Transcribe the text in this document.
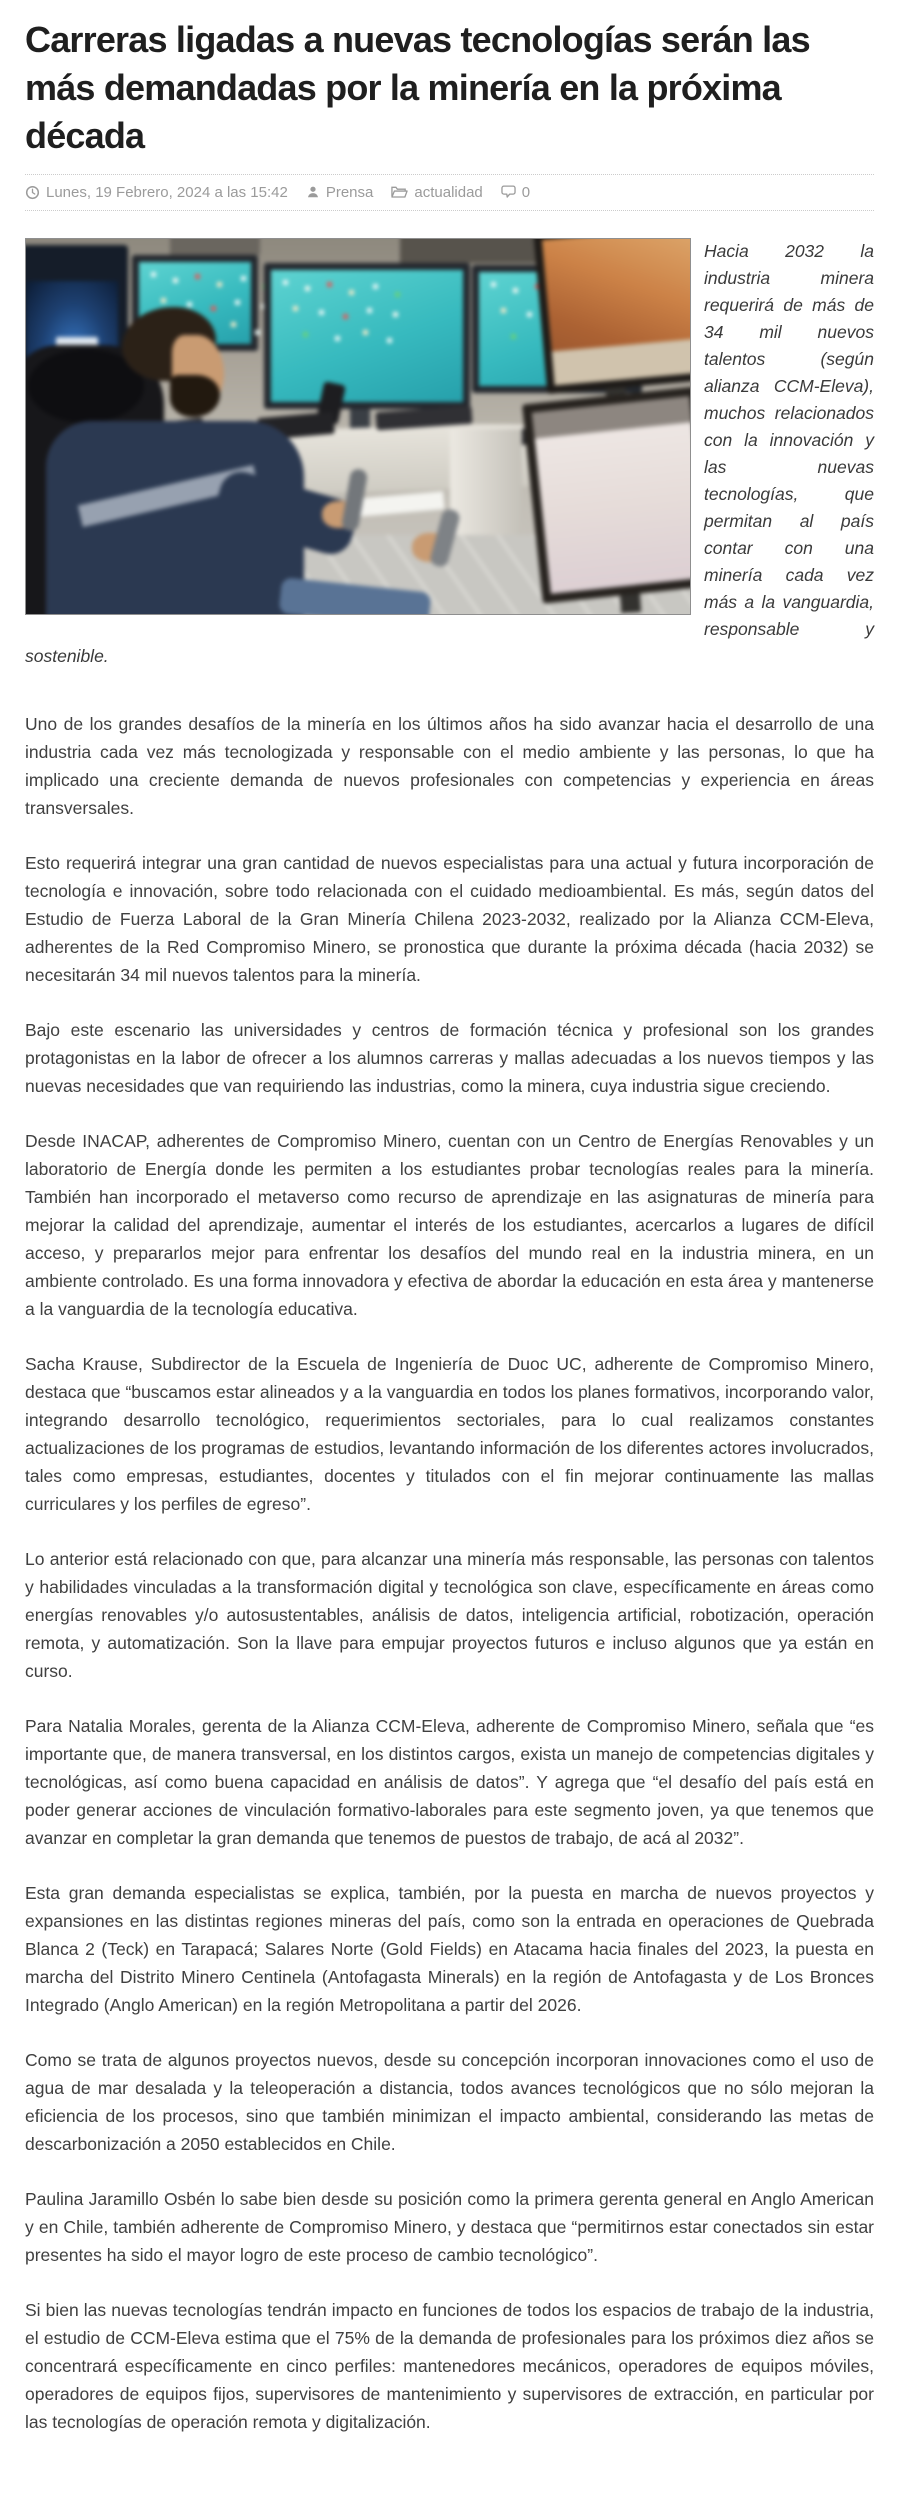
Carreras ligadas a nuevas tecnologías serán las más demandadas por la minería en la próxima década
Lunes, 19 Febrero, 2024 a las 15:42	Prensa	actualidad	0

Hacia 2032 la industria minera requerirá de más de 34 mil nuevos talentos (según alianza CCM-Eleva), muchos relacionados con la innovación y las nuevas tecnologías, que permitan al país contar con una minería cada vez más a la vanguardia, responsable y sostenible.

Uno de los grandes desafíos de la minería en los últimos años ha sido avanzar hacia el desarrollo de una industria cada vez más tecnologizada y responsable con el medio ambiente y las personas, lo que ha implicado una creciente demanda de nuevos profesionales con competencias y experiencia en áreas transversales.

Esto requerirá integrar una gran cantidad de nuevos especialistas para una actual y futura incorporación de tecnología e innovación, sobre todo relacionada con el cuidado medioambiental. Es más, según datos del Estudio de Fuerza Laboral de la Gran Minería Chilena 2023-2032, realizado por la Alianza CCM-Eleva, adherentes de la Red Compromiso Minero, se pronostica que durante la próxima década (hacia 2032) se necesitarán 34 mil nuevos talentos para la minería.

Bajo este escenario las universidades y centros de formación técnica y profesional son los grandes protagonistas en la labor de ofrecer a los alumnos carreras y mallas adecuadas a los nuevos tiempos y las nuevas necesidades que van requiriendo las industrias, como la minera, cuya industria sigue creciendo.

Desde INACAP, adherentes de Compromiso Minero, cuentan con un Centro de Energías Renovables y un laboratorio de Energía donde les permiten a los estudiantes probar tecnologías reales para la minería. También han incorporado el metaverso como recurso de aprendizaje en las asignaturas de minería para mejorar la calidad del aprendizaje, aumentar el interés de los estudiantes, acercarlos a lugares de difícil acceso, y prepararlos mejor para enfrentar los desafíos del mundo real en la industria minera, en un ambiente controlado. Es una forma innovadora y efectiva de abordar la educación en esta área y mantenerse a la vanguardia de la tecnología educativa.

Sacha Krause, Subdirector de la Escuela de Ingeniería de Duoc UC, adherente de Compromiso Minero, destaca que “buscamos estar alineados y a la vanguardia en todos los planes formativos, incorporando valor, integrando desarrollo tecnológico, requerimientos sectoriales, para lo cual realizamos constantes actualizaciones de los programas de estudios, levantando información de los diferentes actores involucrados, tales como empresas, estudiantes, docentes y titulados con el fin mejorar continuamente las mallas curriculares y los perfiles de egreso”.

Lo anterior está relacionado con que, para alcanzar una minería más responsable, las personas con talentos y habilidades vinculadas a la transformación digital y tecnológica son clave, específicamente en áreas como energías renovables y/o autosustentables, análisis de datos, inteligencia artificial, robotización, operación remota, y automatización. Son la llave para empujar proyectos futuros e incluso algunos que ya están en curso.

Para Natalia Morales, gerenta de la Alianza CCM-Eleva, adherente de Compromiso Minero, señala que “es importante que, de manera transversal, en los distintos cargos, exista un manejo de competencias digitales y tecnológicas, así como buena capacidad en análisis de datos”. Y agrega que “el desafío del país está en poder generar acciones de vinculación formativo-laborales para este segmento joven, ya que tenemos que avanzar en completar la gran demanda que tenemos de puestos de trabajo, de acá al 2032”.

Esta gran demanda especialistas se explica, también, por la puesta en marcha de nuevos proyectos y expansiones en las distintas regiones mineras del país, como son la entrada en operaciones de Quebrada Blanca 2 (Teck) en Tarapacá; Salares Norte (Gold Fields) en Atacama hacia finales del 2023, la puesta en marcha del Distrito Minero Centinela (Antofagasta Minerals) en la región de Antofagasta y de Los Bronces Integrado (Anglo American) en la región Metropolitana a partir del 2026.

Como se trata de algunos proyectos nuevos, desde su concepción incorporan innovaciones como el uso de agua de mar desalada y la teleoperación a distancia, todos avances tecnológicos que no sólo mejoran la eficiencia de los procesos, sino que también minimizan el impacto ambiental, considerando las metas de descarbonización a 2050 establecidos en Chile.

Paulina Jaramillo Osbén lo sabe bien desde su posición como la primera gerenta general en Anglo American y en Chile, también adherente de Compromiso Minero, y destaca que “permitirnos estar conectados sin estar presentes ha sido el mayor logro de este proceso de cambio tecnológico”.

Si bien las nuevas tecnologías tendrán impacto en funciones de todos los espacios de trabajo de la industria, el estudio de CCM-Eleva estima que el 75% de la demanda de profesionales para los próximos diez años se concentrará específicamente en cinco perfiles: mantenedores mecánicos, operadores de equipos móviles, operadores de equipos fijos, supervisores de mantenimiento y supervisores de extracción, en particular por las tecnologías de operación remota y digitalización.
